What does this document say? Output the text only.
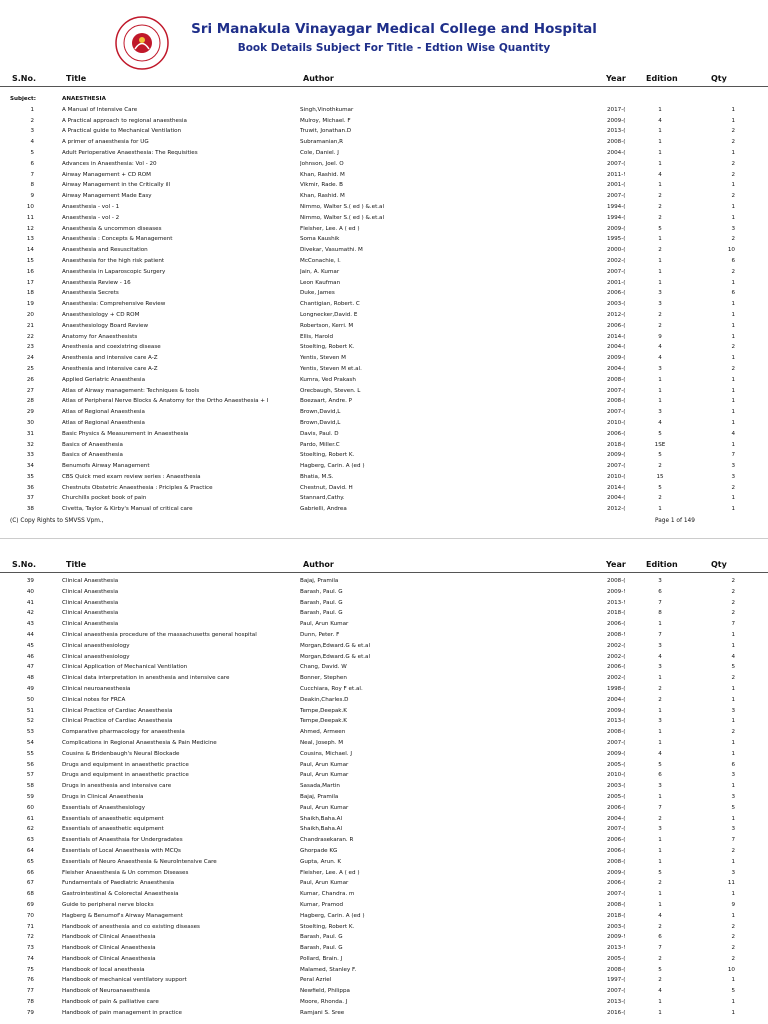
Sri Manakula Vinayagar Medical College and Hospital
Book Details Subject For Title - Edtion Wise Quantity
S.No.	Title	Author	Year	Edition	Qty
Subject:	ANAESTHESIA
1	A Manual of Intensive Care	Singh,Vinothkumar	2017-(	1	1
2	A Practical approach to regional anaesthesia	Mulroy, Michael. F	2009-(	4	1
3	A Practical guide to Mechanical Ventilation	Truwit, Jonathan.D	2013-(	1	2
4	A primer of anaesthesia for UG	Subramanian,R	2008-(	1	2
5	Adult Perioperative Anaesthesia: The Requisities	Cole, Daniel. J	2004-(	1	1
6	Advances in Anaesthesia: Vol - 20	Johnson, Joel. O	2007-(	1	2
7	Airway Management + CD ROM	Khan, Rashid. M	2011-!	4	2
8	Airway Management in the Critically ill	Vikmir, Rade. B	2001-(	1	1
9	Airway Management Made Easy	Khan, Rashid. M	2007-(	2	2
10	Anaesthesia - vol - 1	Nimmo, Walter S.( ed ) &.et.al	1994-(	2	1
11	Anaesthesia - vol - 2	Nimmo, Walter S.( ed ) &.et.al	1994-(	2	1
12	Anaesthesia & uncommon diseases	Fleisher, Lee. A ( ed )	2009-(	5	3
13	Anaesthesia : Concepts & Management	Soma Kaushik	1995-(	1	2
14	Anaesthesia and Resuscitation	Divekar, Vasumathi. M	2000-(	2	10
15	Anaesthesia for the high risk patient	McConachie, I.	2002-(	1	6
16	Anaesthesia in Laparoscopic Surgery	Jain, A. Kumar	2007-(	1	2
17	Anaesthesia Review - 16	Leon Kaufman	2001-(	1	1
18	Anaesthesia Secrets	Duke, James	2006-(	3	6
19	Anaesthesia: Comprehensive Review	Chantigian, Robert. C	2003-(	3	1
20	Anaesthesiology + CD ROM	Longnecker,David. E	2012-(	2	1
21	Anaesthesiology Board Review	Robertson, Kerri. M	2006-(	2	1
22	Anatomy for Anaesthesists	Ellis, Harold	2014-(	9	1
23	Anesthesia and coexistring disease	Stoelting, Robert K.	2004-(	4	2
24	Anesthesia and intensive care A-Z	Yentis, Steven M	2009-(	4	1
25	Anesthesia and intensive care A-Z	Yentis, Steven M et.al.	2004-(	3	2
26	Applied Geriatric Anaesthesia	Kumra, Ved Prakash	2008-(	1	1
27	Atlas of Airway management: Techniques & tools	Orecbaugh, Steven. L	2007-(	1	1
28	Atlas of Peripheral Nerve Blocks & Anatomy for the Ortho Anaesthesia + I	Boezaart, Andre. P	2008-(	1	1
29	Atlas of Regional Anaesthesia	Brown,David,L	2007-(	3	1
30	Atlas of Regional Anaesthesia	Brown,David,L	2010-(	4	1
31	Basic Physics & Measurement in Anaesthesia	Davis, Paul. D	2006-(	5	4
32	Basics of Anaesthesia	Pardo, Miller.C	2018-(	1SE	1
33	Basics of Anaesthesia	Stoelting, Robert K.	2009-(	5	7
34	Benumofs Airway Management	Hagberg, Carin. A (ed )	2007-(	2	3
35	CBS Quick med exam review series : Anaesthesia	Bhatia, M.S.	2010-(	15	3
36	Chestnuts Obstetric Anaesthesia : Priciples & Practice	Chestnut, David. H	2014-(	5	2
37	Churchills pocket book of pain	Stannard,Cathy.	2004-(	2	1
38	Civetta, Taylor & Kirby's Manual of critical care	Gabrielli, Andrea	2012-(	1	1
(C) Copy Rights to SMVSS Vpm.,	Page 1 of 149
S.No.	Title	Author	Year	Edition	Qty
39	Clinical Anaesthesia	Bajaj, Pramila	2008-(	3	2
40	Clinical Anaesthesia	Barash, Paul. G	2009-!	6	2
41	Clinical Anaesthesia	Barash, Paul. G	2013-!	7	2
42	Clinical Anaesthesia	Barash, Paul. G	2018-(	8	2
43	Clinical Anaesthesia	Paul, Arun Kumar	2006-(	1	7
44	Clinical anaesthesia procedure of the massachusetts general hospital	Dunn, Peter. F	2008-!	7	1
45	Clinical anaesthesiology	Morgan,Edward.G & et.al	2002-(	3	1
46	Clinical anaesthesiology	Morgan,Edward.G & et.al	2002-(	4	4
47	Clinical Application of Mechanical Ventilation	Chang, David. W	2006-(	3	5
48	Clinical data interpretation in anesthesia and intensive care	Bonner, Stephen	2002-(	1	2
49	Clinical neuroanesthesia	Cucchiara, Roy F et.al.	1998-(	2	1
50	Clinical notes for FRCA	Deakin,Charles.D	2004-(	2	1
51	Clinical Practice of Cardiac Anaesthesia	Tempe,Deepak.K	2009-(	1	3
52	Clinical Practice of Cardiac Anaesthesia	Tempe,Deepak.K	2013-(	3	1
53	Comparative pharmacology for anaesthesia	Ahmed, Armeen	2008-(	1	2
54	Complications in Regional Anaesthesia & Pain Medicine	Neal, Joseph. M	2007-(	1	1
55	Cousins & Bridenbaugh's Neural Blockade	Cousins, Michael. J	2009-(	4	1
56	Drugs and equipment in anaesthetic practice	Paul, Arun Kumar	2005-(	5	6
57	Drugs and equipment in anaesthetic practice	Paul, Arun Kumar	2010-(	6	3
58	Drugs in anesthesia and intensive care	Sasada,Martin	2003-(	3	1
59	Drugs in Clinical Anaesthesia	Bajaj, Pramila	2005-(	1	3
60	Essentials of Anaesthesiology	Paul, Arun Kumar	2006-(	7	5
61	Essentials of anaesthetic equipment	Shaikh,Baha.Al	2004-(	2	1
62	Essentials of anaesthetic equipment	Shaikh,Baha.Al	2007-(	3	3
63	Essentials of Anaesthsia for Undergradates	Chandrasekaran. R	2006-(	1	7
64	Essentials of Local Anaesthesia with MCQs	Ghorpade KG	2006-(	1	2
65	Essentials of Neuro Anaesthesia & NeuroIntensive Care	Gupta, Arun. K	2008-(	1	1
66	Fleisher Anaesthesia & Un common Diseases	Fleisher, Lee. A ( ed )	2009-(	5	3
67	Fundamentals of Paediatric Anaesthesia	Paul, Arun Kumar	2006-(	2	11
68	Gastrointestinal & Colorectal Anaesthesia	Kumar, Chandra. m	2007-(	1	1
69	Guide to peripheral nerve blocks	Kumar, Pramod	2008-(	1	9
70	Hagberg & Benumof's Airway Management	Hagberg, Carin. A (ed )	2018-(	4	1
71	Handbook of anesthesia and co existing diseases	Stoelting, Robert K.	2003-(	2	2
72	Handbook of Clinical Anaesthesia	Barash, Paul. G	2009-!	6	2
73	Handbook of Clinical Anaesthesia	Barash, Paul. G	2013-!	7	2
74	Handbook of Clinical Anaesthesia	Pollard, Brain. J	2005-(	2	2
75	Handbook of local anesthesia	Malamed, Stanley F.	2008-(	5	10
76	Handbook of mechanical ventilatory support	Peral Azriel	1997-(	2	1
77	Handbook of Neuroanaesthesia	Newfield, Philippa	2007-(	4	5
78	Handbook of pain & palliative care	Moore, Rhonda. J	2013-(	1	1
79	Handbook of pain management in practice	Ramjani S. Sree	2016-(	1	1
